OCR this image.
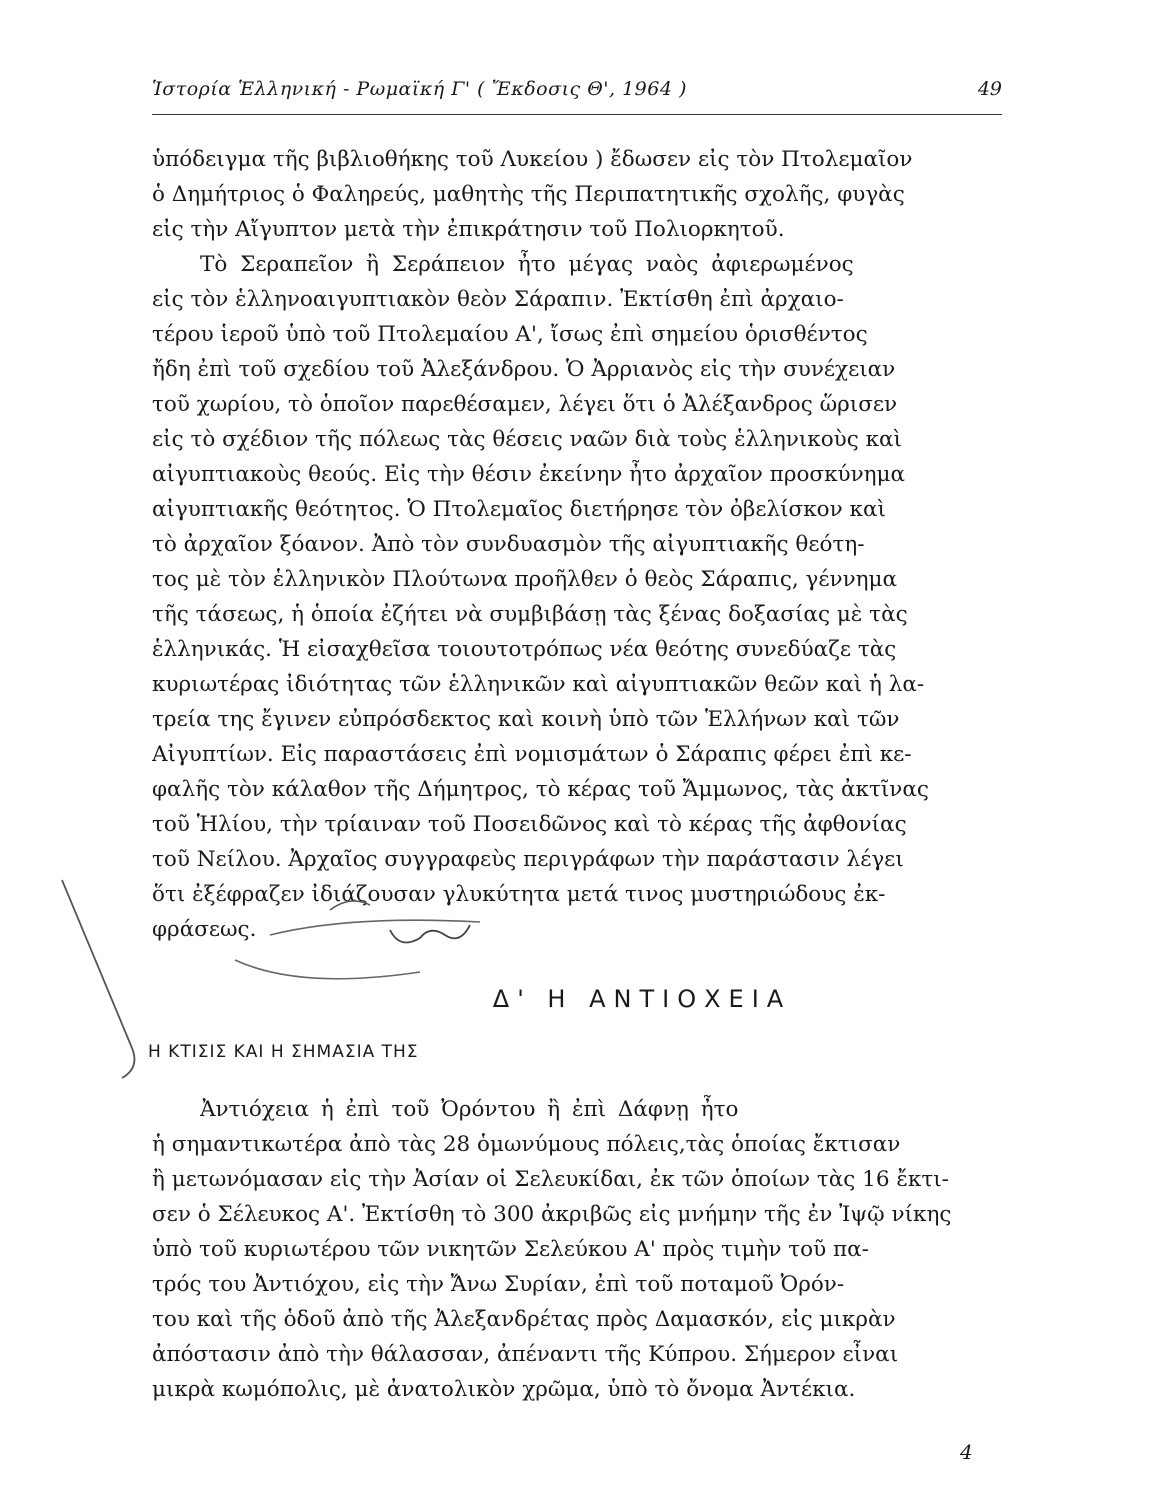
Ἱστορία Ἑλληνική - Ρωμαϊκή Γ' ( Ἔκδοσις Θ', 1964 )	49
ὑπόδειγμα τῆς βιβλιοθήκης τοῦ Λυκείου ) ἔδωσεν εἰς τὸν Πτολεμαῖον
ὁ Δημήτριος ὁ Φαληρεύς, μαθητὴς τῆς Περιπατητικῆς σχολῆς, φυγὰς
εἰς τὴν Αἴγυπτον μετὰ τὴν ἐπικράτησιν τοῦ Πολιορκητοῦ.
Τὸ Σεραπεῖον ἢ Σεράπειον ἦτο μέγας ναὸς ἀφιερωμένος
εἰς τὸν ἑλληνοαιγυπτιακὸν θεὸν Σάραπιν. Ἐκτίσθη ἐπὶ ἀρχαιο-
τέρου ἱεροῦ ὑπὸ τοῦ Πτολεμαίου Α', ἴσως ἐπὶ σημείου ὁρισθέντος
ἤδη ἐπὶ τοῦ σχεδίου τοῦ Ἀλεξάνδρου. Ὁ Ἀρριανὸς εἰς τὴν συνέχειαν
τοῦ χωρίου, τὸ ὁποῖον παρεθέσαμεν, λέγει ὅτι ὁ Ἀλέξανδρος ὥρισεν
εἰς τὸ σχέδιον τῆς πόλεως τὰς θέσεις ναῶν διὰ τοὺς ἑλληνικοὺς καὶ
αἰγυπτιακοὺς θεούς. Εἰς τὴν θέσιν ἐκείνην ἦτο ἀρχαῖον προσκύνημα
αἰγυπτιακῆς θεότητος. Ὁ Πτολεμαῖος διετήρησε τὸν ὀβελίσκον καὶ
τὸ ἀρχαῖον ξόανον. Ἀπὸ τὸν συνδυασμὸν τῆς αἰγυπτιακῆς θεότη-
τος μὲ τὸν ἑλληνικὸν Πλούτωνα προῆλθεν ὁ θεὸς Σάραπις, γέννημα
τῆς τάσεως, ἡ ὁποία ἐζήτει νὰ συμβιβάσῃ τὰς ξένας δοξασίας μὲ τὰς
ἑλληνικάς. Ἡ εἰσαχθεῖσα τοιουτοτρόπως νέα θεότης συνεδύαζε τὰς
κυριωτέρας ἰδιότητας τῶν ἑλληνικῶν καὶ αἰγυπτιακῶν θεῶν καὶ ἡ λα-
τρεία της ἔγινεν εὐπρόσδεκτος καὶ κοινὴ ὑπὸ τῶν Ἑλλήνων καὶ τῶν
Αἰγυπτίων. Εἰς παραστάσεις ἐπὶ νομισμάτων ὁ Σάραπις φέρει ἐπὶ κε-
φαλῆς τὸν κάλαθον τῆς Δήμητρος, τὸ κέρας τοῦ Ἄμμωνος, τὰς ἀκτῖνας
τοῦ Ἡλίου, τὴν τρίαιναν τοῦ Ποσειδῶνος καὶ τὸ κέρας τῆς ἀφθονίας
τοῦ Νείλου. Ἀρχαῖος συγγραφεὺς περιγράφων τὴν παράστασιν λέγει
ὅτι ἐξέφραζεν ἰδιάζουσαν γλυκύτητα μετά τινος μυστηριώδους ἐκ-
φράσεως.
Δ' Η ΑΝΤΙΟΧΕΙΑ
Η ΚΤΙΣΙΣ ΚΑΙ Η ΣΗΜΑΣΙΑ ΤΗΣ
Ἀντιόχεια ἡ ἐπὶ τοῦ Ὀρόντου ἢ ἐπὶ Δάφνῃ ἦτο
ἡ σημαντικωτέρα ἀπὸ τὰς 28 ὁμωνύμους πόλεις,τὰς ὁποίας ἔκτισαν
ἢ μετωνόμασαν εἰς τὴν Ἀσίαν οἱ Σελευκίδαι, ἐκ τῶν ὁποίων τὰς 16 ἔκτι-
σεν ὁ Σέλευκος Α'. Ἐκτίσθη τὸ 300 ἀκριβῶς εἰς μνήμην τῆς ἐν Ἰψῷ νίκης
ὑπὸ τοῦ κυριωτέρου τῶν νικητῶν Σελεύκου Α' πρὸς τιμὴν τοῦ πα-
τρός του Ἀντιόχου, εἰς τὴν Ἄνω Συρίαν, ἐπὶ τοῦ ποταμοῦ Ὀρόν-
του καὶ τῆς ὁδοῦ ἀπὸ τῆς Ἀλεξανδρέτας πρὸς Δαμασκόν, εἰς μικρὰν
ἀπόστασιν ἀπὸ τὴν θάλασσαν, ἀπέναντι τῆς Κύπρου. Σήμερον εἶναι
μικρὰ κωμόπολις, μὲ ἀνατολικὸν χρῶμα, ὑπὸ τὸ ὄνομα Ἀντέκια.
4
